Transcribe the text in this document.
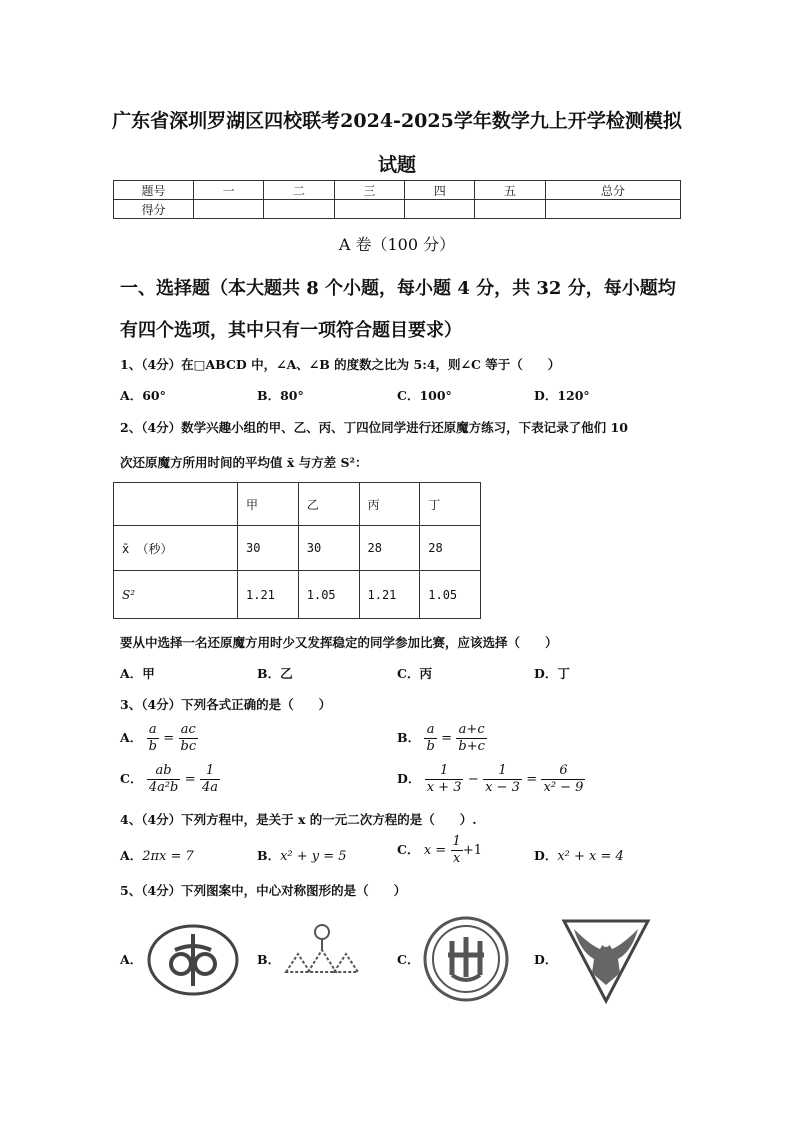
广东省深圳罗湖区四校联考2024-2025学年数学九上开学检测模拟
试题
题号	一	二	三	四	五	总分
得分						
A 卷（100 分）
一、选择题（本大题共 8 个小题，每小题 4 分，共 32 分，每小题均
有四个选项，其中只有一项符合题目要求）
1、（4分）在□ABCD 中，∠A、∠B 的度数之比为 5:4，则∠C 等于（　　）
A．60°	B．80°	C．100°	D．120°
2、（4分）数学兴趣小组的甲、乙、丙、丁四位同学进行还原魔方练习，下表记录了他们 10
次还原魔方所用时间的平均值 x̄ 与方差 S²：
	甲	乙	丙	丁
x̄ （秒）	30	30	28	28
S²	1.21	1.05	1.21	1.05
要从中选择一名还原魔方用时少又发挥稳定的同学参加比赛，应该选择（　　）
A．甲	B．乙	C．丙	D．丁
3、（4分）下列各式正确的是（　　）
A． $\frac{a}{b} = \frac{ac}{bc}$	B． $\frac{a}{b} = \frac{a+c}{b+c}$
C． $\frac{ab}{\text{4a²b}} = \frac{1}{4a}$	D． $\frac{1}{x + 3} - \frac{1}{x - 3} = \frac{6}{\text{x² − 9}}$
4、（4分）下列方程中，是关于 x 的一元二次方程的是（　　）.
A．2πx = 7	B．x² + y = 5	C． $x = \frac{1}{x} +1$	D．x² + x = 4
5、（4分）下列图案中，中心对称图形的是（　　）
A．	B．	C．	D．
